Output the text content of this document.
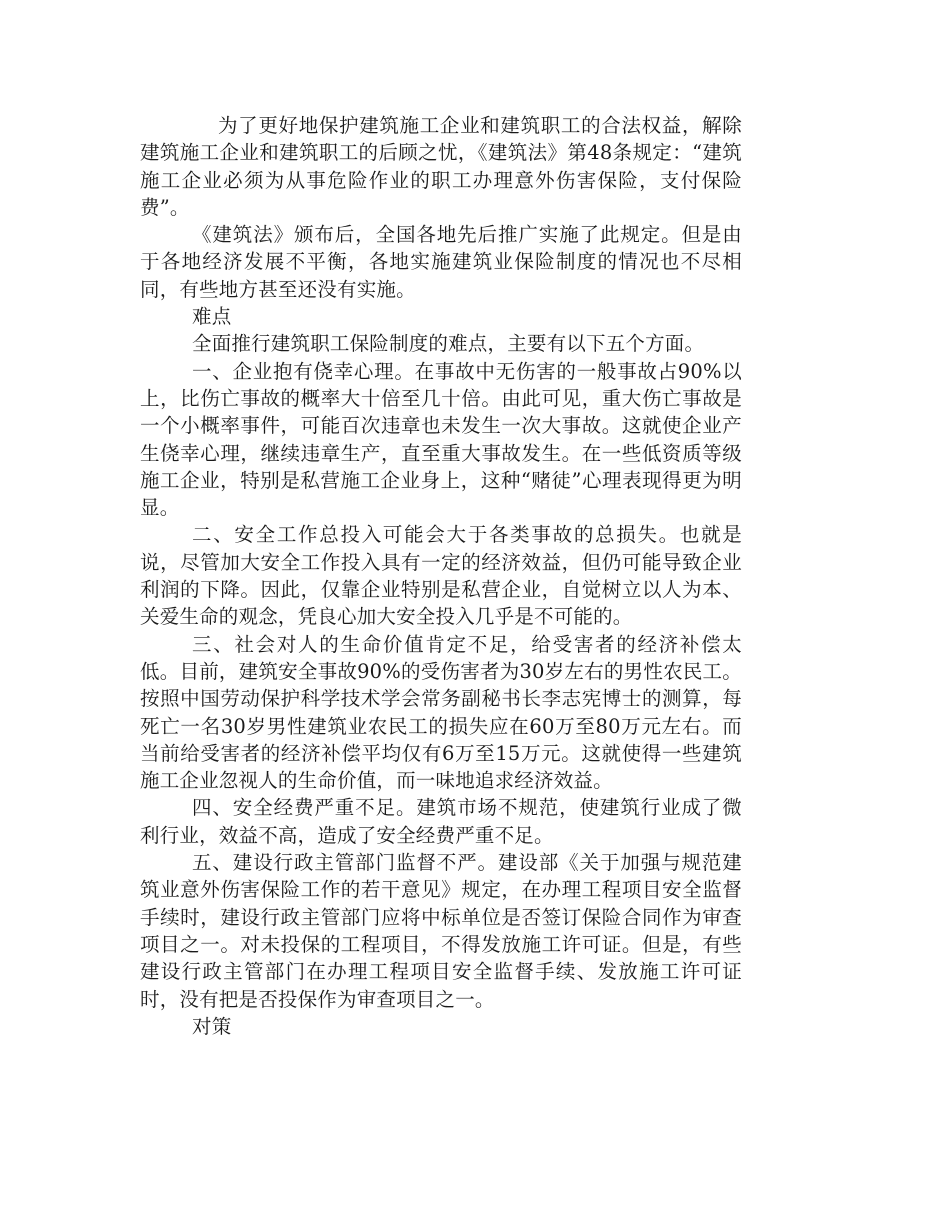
为了更好地保护建筑施工企业和建筑职工的合法权益，解除建筑施工企业和建筑职工的后顾之忧，《建筑法》第48条规定：“建筑施工企业必须为从事危险作业的职工办理意外伤害保险，支付保险费”。

《建筑法》颁布后，全国各地先后推广实施了此规定。但是由于各地经济发展不平衡，各地实施建筑业保险制度的情况也不尽相同，有些地方甚至还没有实施。

难点

全面推行建筑职工保险制度的难点，主要有以下五个方面。

一、企业抱有侥幸心理。在事故中无伤害的一般事故占90%以上，比伤亡事故的概率大十倍至几十倍。由此可见，重大伤亡事故是一个小概率事件，可能百次违章也未发生一次大事故。这就使企业产生侥幸心理，继续违章生产，直至重大事故发生。在一些低资质等级施工企业，特别是私营施工企业身上，这种“赌徒”心理表现得更为明显。

二、安全工作总投入可能会大于各类事故的总损失。也就是说，尽管加大安全工作投入具有一定的经济效益，但仍可能导致企业利润的下降。因此，仅靠企业特别是私营企业，自觉树立以人为本、关爱生命的观念，凭良心加大安全投入几乎是不可能的。

三、社会对人的生命价值肯定不足，给受害者的经济补偿太低。目前，建筑安全事故90%的受伤害者为30岁左右的男性农民工。按照中国劳动保护科学技术学会常务副秘书长李志宪博士的测算，每死亡一名30岁男性建筑业农民工的损失应在60万至80万元左右。而当前给受害者的经济补偿平均仅有6万至15万元。这就使得一些建筑施工企业忽视人的生命价值，而一味地追求经济效益。

四、安全经费严重不足。建筑市场不规范，使建筑行业成了微利行业，效益不高，造成了安全经费严重不足。

五、建设行政主管部门监督不严。建设部《关于加强与规范建筑业意外伤害保险工作的若干意见》规定，在办理工程项目安全监督手续时，建设行政主管部门应将中标单位是否签订保险合同作为审查项目之一。对未投保的工程项目，不得发放施工许可证。但是，有些建设行政主管部门在办理工程项目安全监督手续、发放施工许可证时，没有把是否投保作为审查项目之一。

对策
